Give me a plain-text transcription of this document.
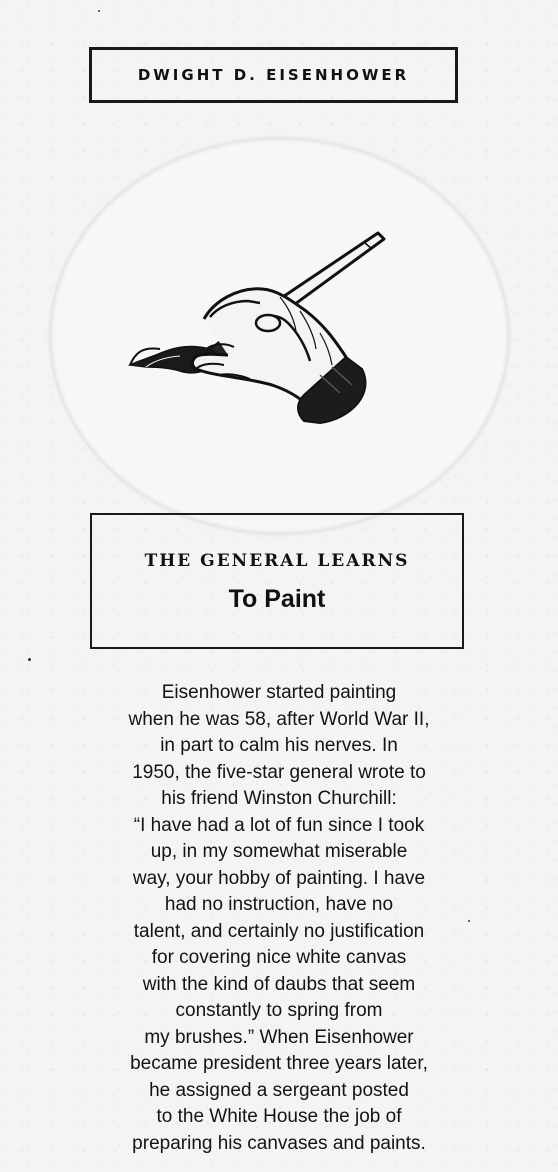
DWIGHT D. EISENHOWER
THE GENERAL LEARNS
To Paint
Eisenhower started painting
when he was 58, after World War II,
in part to calm his nerves. In
1950, the five-star general wrote to
his friend Winston Churchill:
“I have had a lot of fun since I took
up, in my somewhat miserable
way, your hobby of painting. I have
had no instruction, have no
talent, and certainly no justification
for covering nice white canvas
with the kind of daubs that seem
constantly to spring from
my brushes.” When Eisenhower
became president three years later,
he assigned a sergeant posted
to the White House the job of
preparing his canvases and paints.
